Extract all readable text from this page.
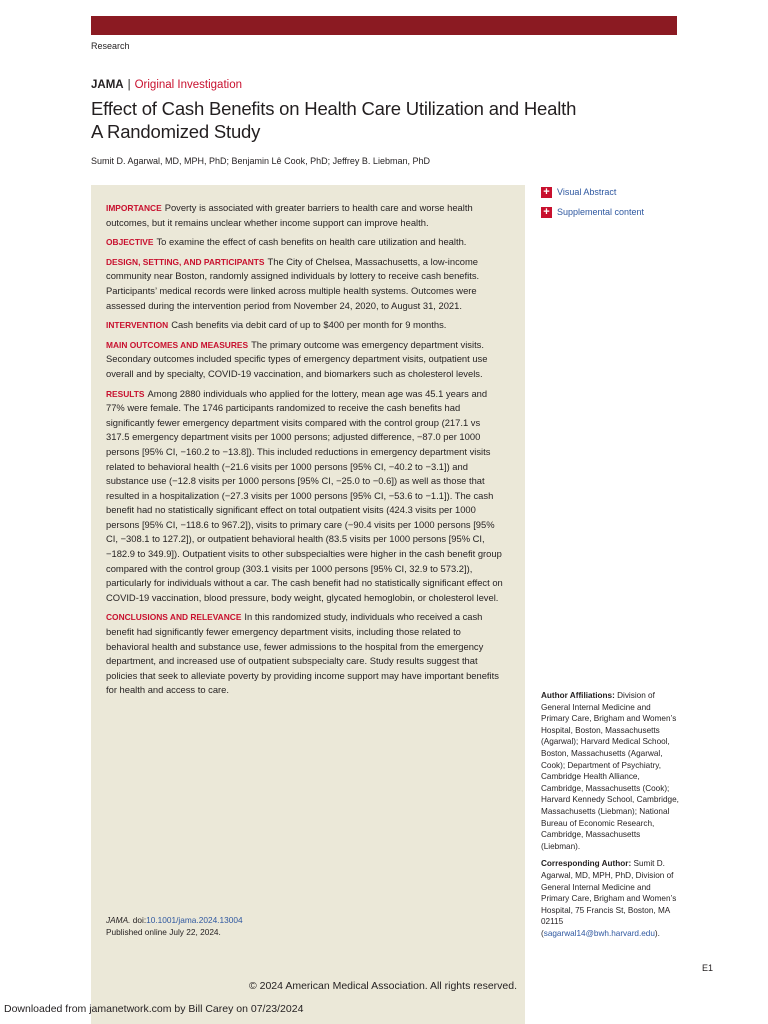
Research
JAMA | Original Investigation
Effect of Cash Benefits on Health Care Utilization and Health
A Randomized Study
Sumit D. Agarwal, MD, MPH, PhD; Benjamin Lê Cook, PhD; Jeffrey B. Liebman, PhD

IMPORTANCE Poverty is associated with greater barriers to health care and worse health outcomes, but it remains unclear whether income support can improve health.

OBJECTIVE To examine the effect of cash benefits on health care utilization and health.

DESIGN, SETTING, AND PARTICIPANTS The City of Chelsea, Massachusetts, a low-income community near Boston, randomly assigned individuals by lottery to receive cash benefits. Participants’ medical records were linked across multiple health systems. Outcomes were assessed during the intervention period from November 24, 2020, to August 31, 2021.

INTERVENTION Cash benefits via debit card of up to $400 per month for 9 months.

MAIN OUTCOMES AND MEASURES The primary outcome was emergency department visits. Secondary outcomes included specific types of emergency department visits, outpatient use overall and by specialty, COVID-19 vaccination, and biomarkers such as cholesterol levels.

RESULTS Among 2880 individuals who applied for the lottery, mean age was 45.1 years and 77% were female. The 1746 participants randomized to receive the cash benefits had significantly fewer emergency department visits compared with the control group (217.1 vs 317.5 emergency department visits per 1000 persons; adjusted difference, −87.0 per 1000 persons [95% CI, −160.2 to −13.8]). This included reductions in emergency department visits related to behavioral health (−21.6 visits per 1000 persons [95% CI, −40.2 to −3.1]) and substance use (−12.8 visits per 1000 persons [95% CI, −25.0 to −0.6]) as well as those that resulted in a hospitalization (−27.3 visits per 1000 persons [95% CI, −53.6 to −1.1]). The cash benefit had no statistically significant effect on total outpatient visits (424.3 visits per 1000 persons [95% CI, −118.6 to 967.2]), visits to primary care (−90.4 visits per 1000 persons [95% CI, −308.1 to 127.2]), or outpatient behavioral health (83.5 visits per 1000 persons [95% CI, −182.9 to 349.9]). Outpatient visits to other subspecialties were higher in the cash benefit group compared with the control group (303.1 visits per 1000 persons [95% CI, 32.9 to 573.2]), particularly for individuals without a car. The cash benefit had no statistically significant effect on COVID-19 vaccination, blood pressure, body weight, glycated hemoglobin, or cholesterol level.

CONCLUSIONS AND RELEVANCE In this randomized study, individuals who received a cash benefit had significantly fewer emergency department visits, including those related to behavioral health and substance use, fewer admissions to the hospital from the emergency department, and increased use of outpatient subspecialty care. Study results suggest that policies that seek to alleviate poverty by providing income support may have important benefits for health and access to care.

JAMA. doi:10.1001/jama.2024.13004
Published online July 22, 2024.
+ Visual Abstract
+ Supplemental content

Author Affiliations: Division of General Internal Medicine and Primary Care, Brigham and Women’s Hospital, Boston, Massachusetts (Agarwal); Harvard Medical School, Boston, Massachusetts (Agarwal, Cook); Department of Psychiatry, Cambridge Health Alliance, Cambridge, Massachusetts (Cook); Harvard Kennedy School, Cambridge, Massachusetts (Liebman); National Bureau of Economic Research, Cambridge, Massachusetts (Liebman).

Corresponding Author: Sumit D. Agarwal, MD, MPH, PhD, Division of General Internal Medicine and Primary Care, Brigham and Women’s Hospital, 75 Francis St, Boston, MA 02115 (sagarwal14@bwh.harvard.edu).

E1
© 2024 American Medical Association. All rights reserved.
Downloaded from jamanetwork.com by Bill Carey on 07/23/2024
